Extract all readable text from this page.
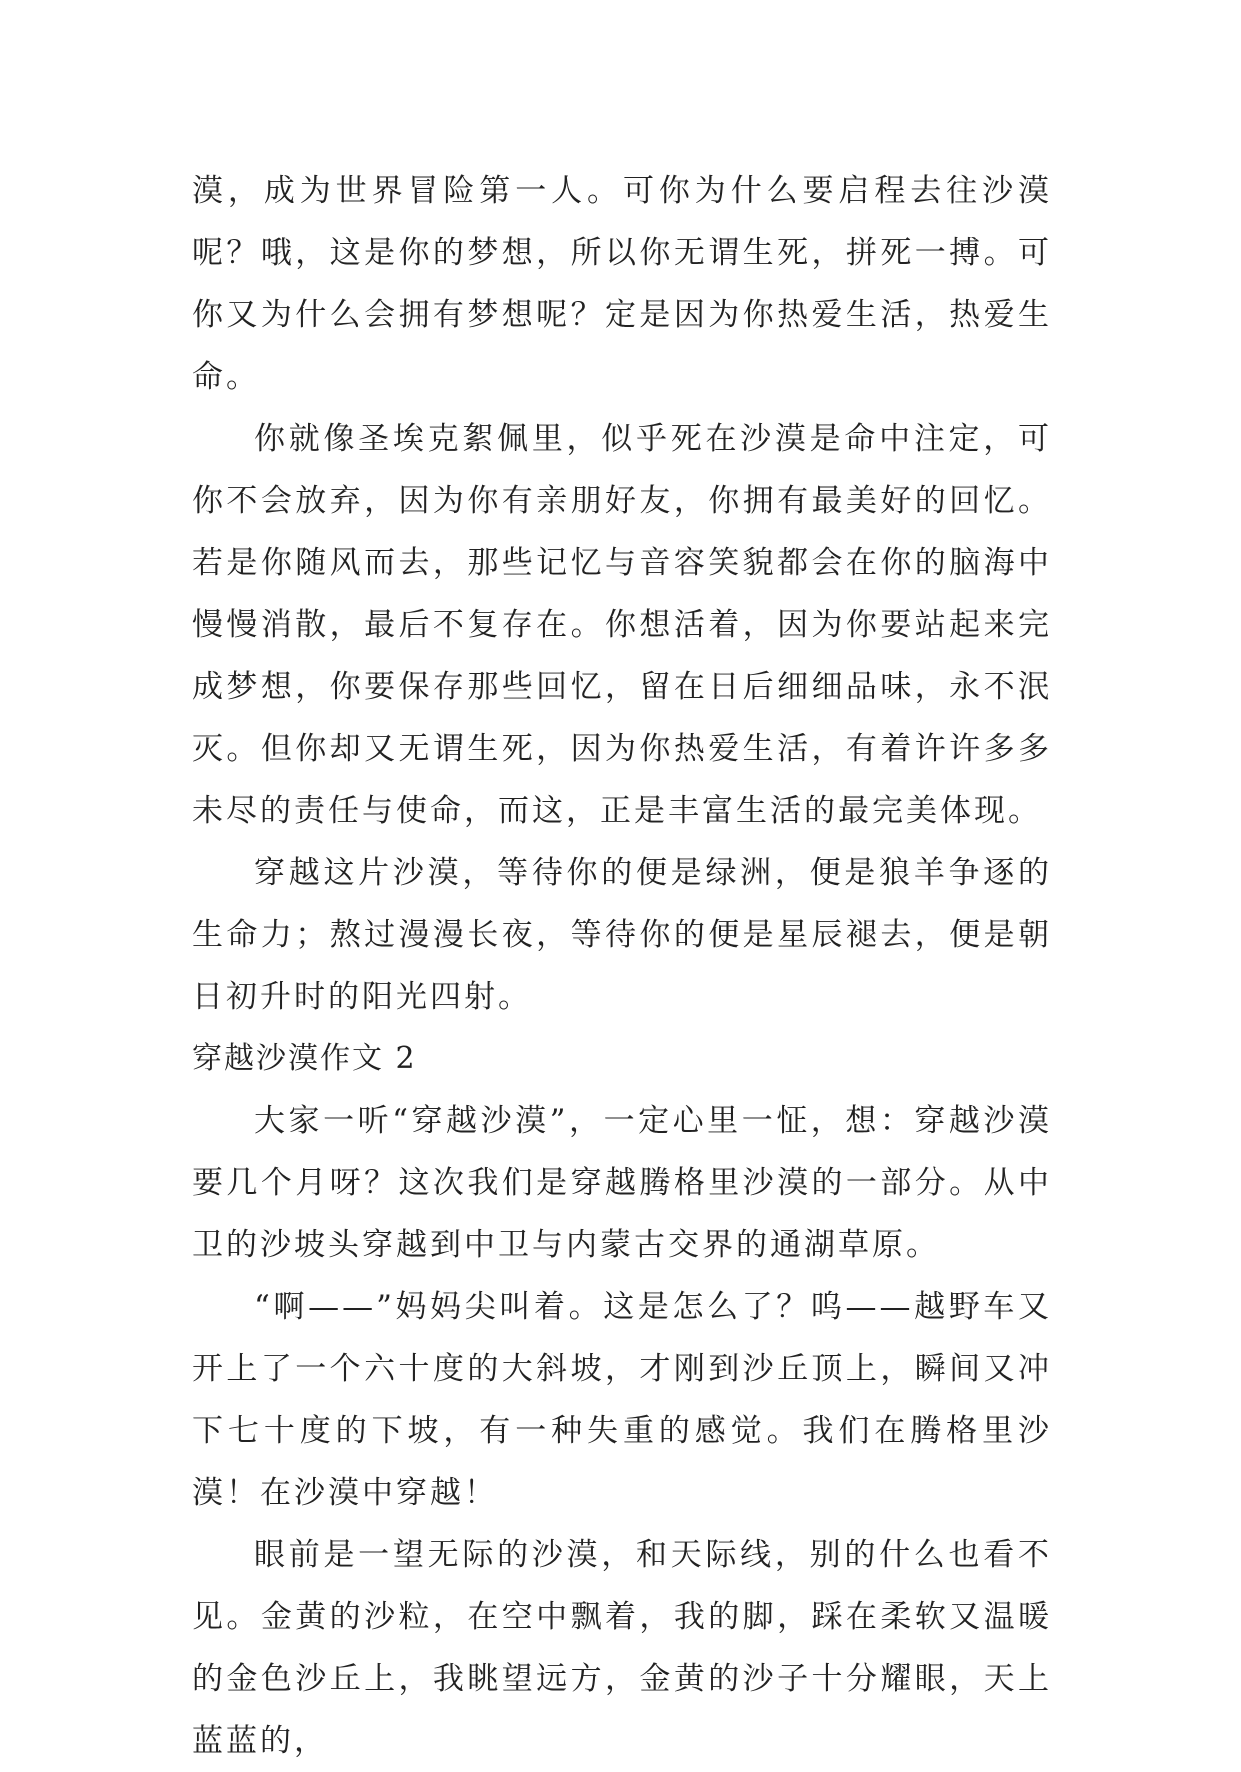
漠，成为世界冒险第一人。可你为什么要启程去往沙漠呢？哦，这是你的梦想，所以你无谓生死，拼死一搏。可你又为什么会拥有梦想呢？定是因为你热爱生活，热爱生命。

你就像圣埃克絮佩里，似乎死在沙漠是命中注定，可你不会放弃，因为你有亲朋好友，你拥有最美好的回忆。若是你随风而去，那些记忆与音容笑貌都会在你的脑海中慢慢消散，最后不复存在。你想活着，因为你要站起来完成梦想，你要保存那些回忆，留在日后细细品味，永不泯灭。但你却又无谓生死，因为你热爱生活，有着许许多多未尽的责任与使命，而这，正是丰富生活的最完美体现。

穿越这片沙漠，等待你的便是绿洲，便是狼羊争逐的生命力；熬过漫漫长夜，等待你的便是星辰褪去，便是朝日初升时的阳光四射。

穿越沙漠作文 2

大家一听“穿越沙漠”，一定心里一怔，想：穿越沙漠要几个月呀？这次我们是穿越腾格里沙漠的一部分。从中卫的沙坡头穿越到中卫与内蒙古交界的通湖草原。

“啊——”妈妈尖叫着。这是怎么了？呜——越野车又开上了一个六十度的大斜坡，才刚到沙丘顶上，瞬间又冲下七十度的下坡，有一种失重的感觉。我们在腾格里沙漠！在沙漠中穿越！

眼前是一望无际的沙漠，和天际线，别的什么也看不见。金黄的沙粒，在空中飘着，我的脚，踩在柔软又温暖的金色沙丘上，我眺望远方，金黄的沙子十分耀眼，天上蓝蓝的，
